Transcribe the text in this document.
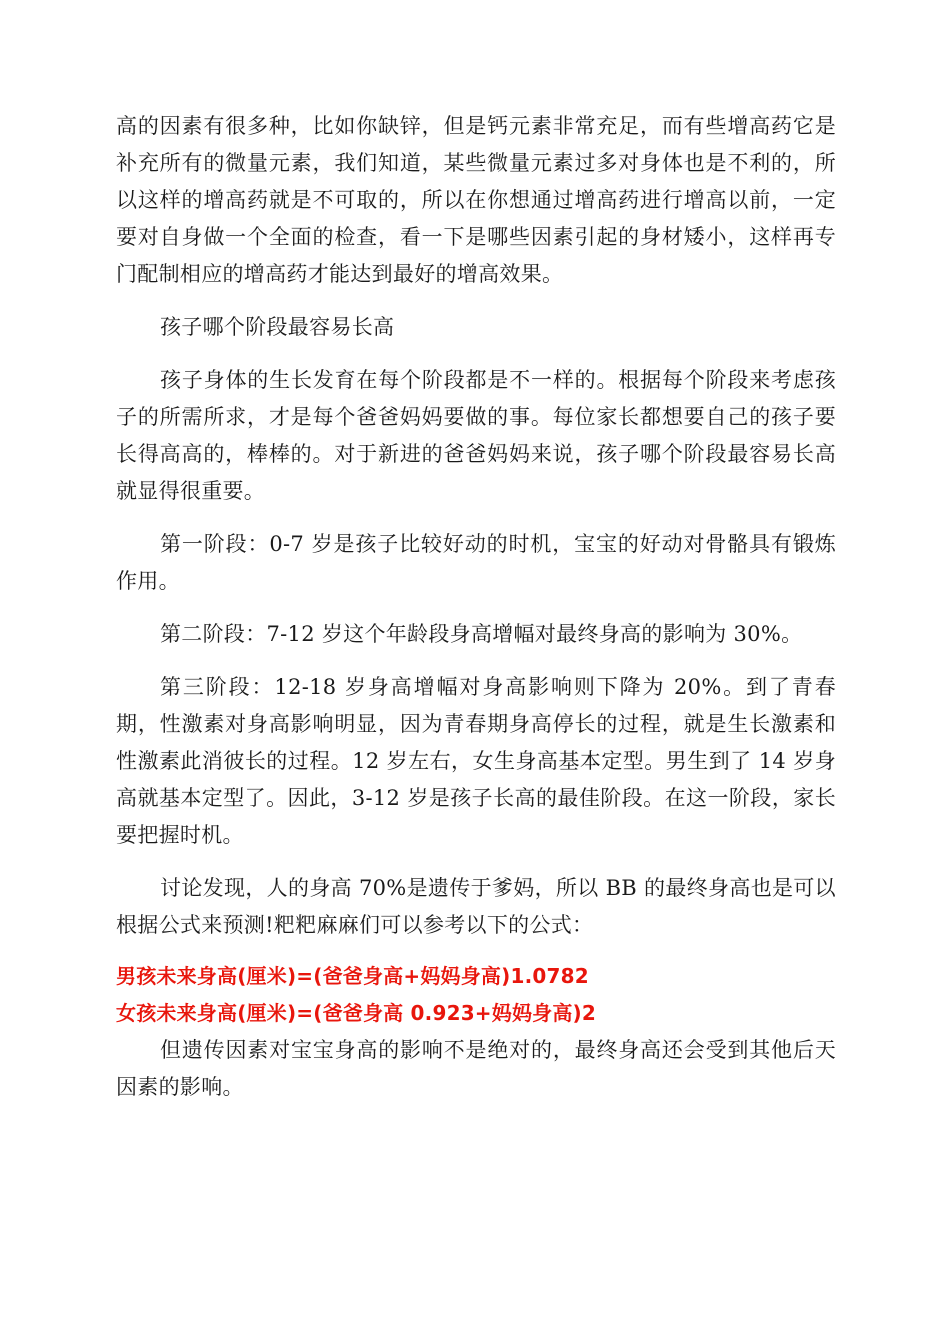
高的因素有很多种，比如你缺锌，但是钙元素非常充足，而有些增高药它是补充所有的微量元素，我们知道，某些微量元素过多对身体也是不利的，所以这样的增高药就是不可取的，所以在你想通过增高药进行增高以前，一定要对自身做一个全面的检查，看一下是哪些因素引起的身材矮小，这样再专门配制相应的增高药才能达到最好的增高效果。

孩子哪个阶段最容易长高

孩子身体的生长发育在每个阶段都是不一样的。根据每个阶段来考虑孩子的所需所求，才是每个爸爸妈妈要做的事。每位家长都想要自己的孩子要长得高高的，棒棒的。对于新进的爸爸妈妈来说，孩子哪个阶段最容易长高就显得很重要。

第一阶段：0-7 岁是孩子比较好动的时机，宝宝的好动对骨骼具有锻炼作用。

第二阶段：7-12 岁这个年龄段身高增幅对最终身高的影响为 30%。

第三阶段：12-18 岁身高增幅对身高影响则下降为 20%。到了青春期，性激素对身高影响明显，因为青春期身高停长的过程，就是生长激素和性激素此消彼长的过程。12 岁左右，女生身高基本定型。男生到了 14 岁身高就基本定型了。因此，3-12 岁是孩子长高的最佳阶段。在这一阶段，家长要把握时机。

讨论发现，人的身高 70%是遗传于爹妈，所以 BB 的最终身高也是可以根据公式来预测!粑粑麻麻们可以参考以下的公式：

男孩未来身高(厘米)=(爸爸身高+妈妈身高)1.0782

女孩未来身高(厘米)=(爸爸身高 0.923+妈妈身高)2

但遗传因素对宝宝身高的影响不是绝对的，最终身高还会受到其他后天因素的影响。
